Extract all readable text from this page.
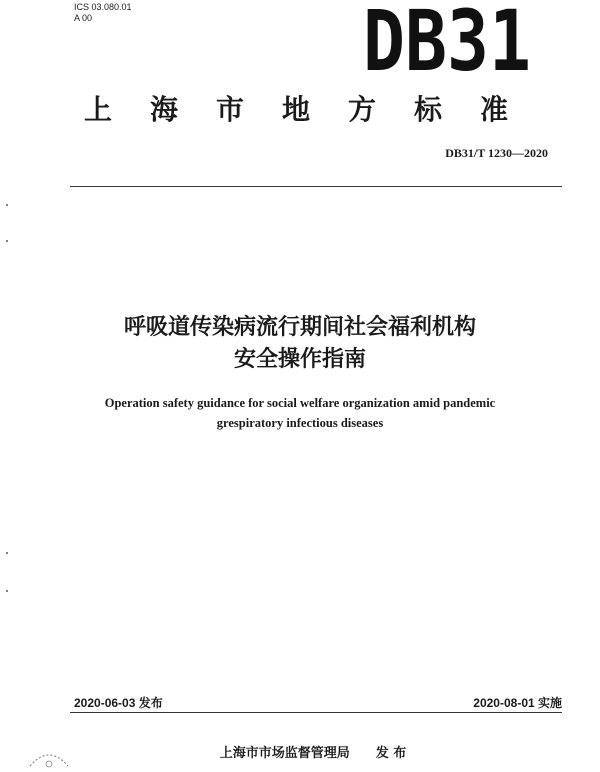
ICS 03.080.01
A 00	DB31
上海市地方标准
DB31/T 1230—2020
呼吸道传染病流行期间社会福利机构
安全操作指南
Operation safety guidance for social welfare organization amid pandemic
grespiratory infectious diseases
2020-06-03 发布	2020-08-01 实施
上海市市场监督管理局 发 布
